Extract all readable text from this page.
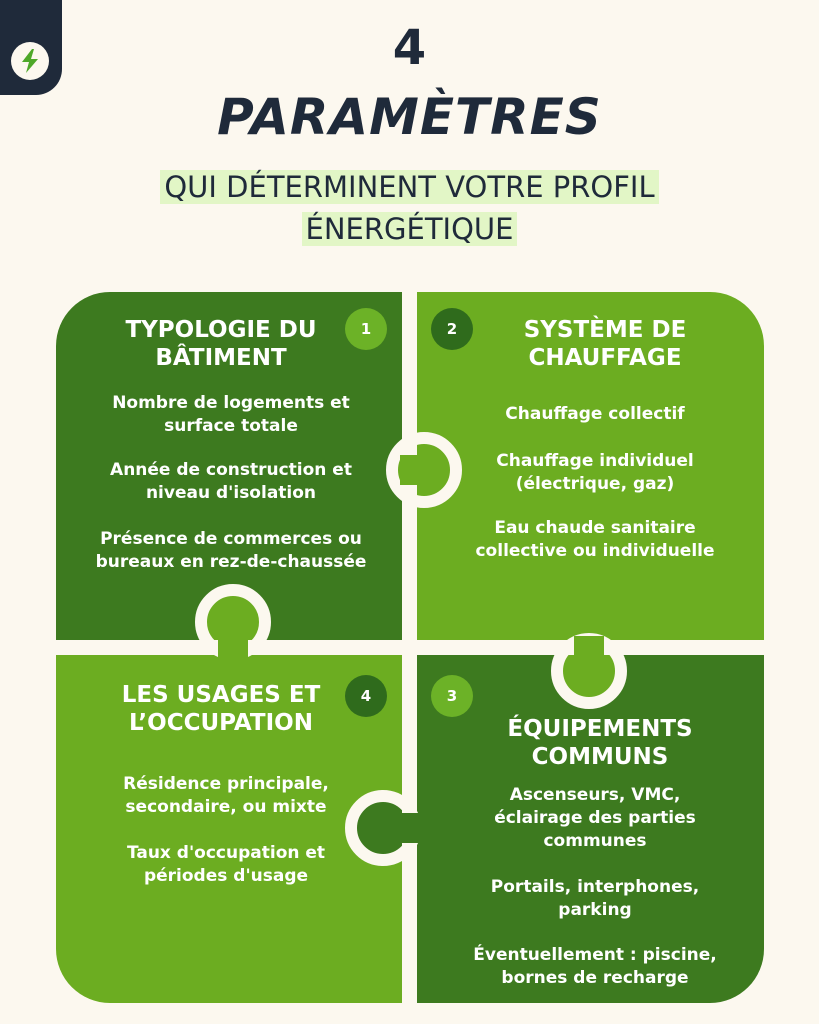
4
PARAMÈTRES
QUI DÉTERMINENT VOTRE PROFIL
ÉNERGÉTIQUE
1	2
4	3
TYPOLOGIE DU
BÂTIMENT
Nombre de logements et
surface totale
Année de construction et
niveau d'isolation
Présence de commerces ou
bureaux en rez-de-chaussée
SYSTÈME DE
CHAUFFAGE
Chauffage collectif
Chauffage individuel
(électrique, gaz)
Eau chaude sanitaire
collective ou individuelle
LES USAGES ET
L’OCCUPATION
Résidence principale,
secondaire, ou mixte
Taux d'occupation et
périodes d'usage
ÉQUIPEMENTS
COMMUNS
Ascenseurs, VMC,
éclairage des parties
communes
Portails, interphones,
parking
Éventuellement : piscine,
bornes de recharge
